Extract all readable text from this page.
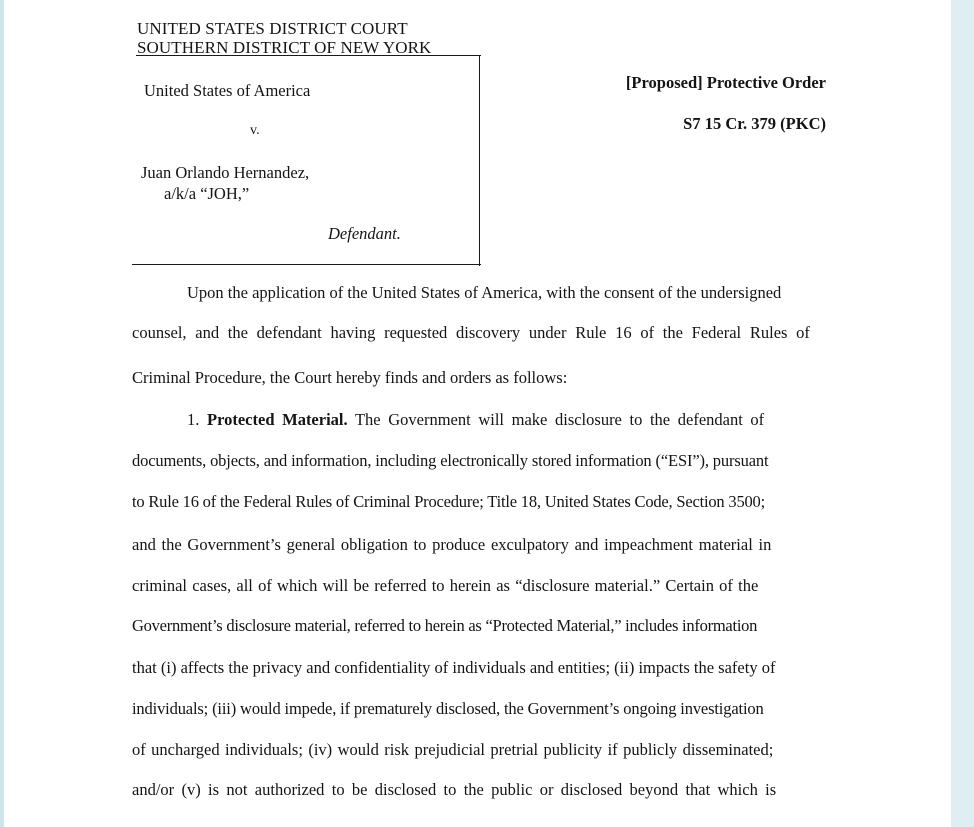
UNITED STATES DISTRICT COURT
SOUTHERN DISTRICT OF NEW YORK
United States of America
v.
Juan Orlando Hernandez,
a/k/a “JOH,”
Defendant.
[Proposed] Protective Order
S7 15 Cr. 379 (PKC)
Upon the application of the United States of America, with the consent of the undersigned
counsel, and the defendant having requested discovery under Rule 16 of the Federal Rules of
Criminal Procedure, the Court hereby finds and orders as follows:
1. Protected Material. The Government will make disclosure to the defendant of
documents, objects, and information, including electronically stored information (“ESI”), pursuant
to Rule 16 of the Federal Rules of Criminal Procedure; Title 18, United States Code, Section 3500;
and the Government’s general obligation to produce exculpatory and impeachment material in
criminal cases, all of which will be referred to herein as “disclosure material.” Certain of the
Government’s disclosure material, referred to herein as “Protected Material,” includes information
that (i) affects the privacy and confidentiality of individuals and entities; (ii) impacts the safety of
individuals; (iii) would impede, if prematurely disclosed, the Government’s ongoing investigation
of uncharged individuals; (iv) would risk prejudicial pretrial publicity if publicly disseminated;
and/or (v) is not authorized to be disclosed to the public or disclosed beyond that which is
